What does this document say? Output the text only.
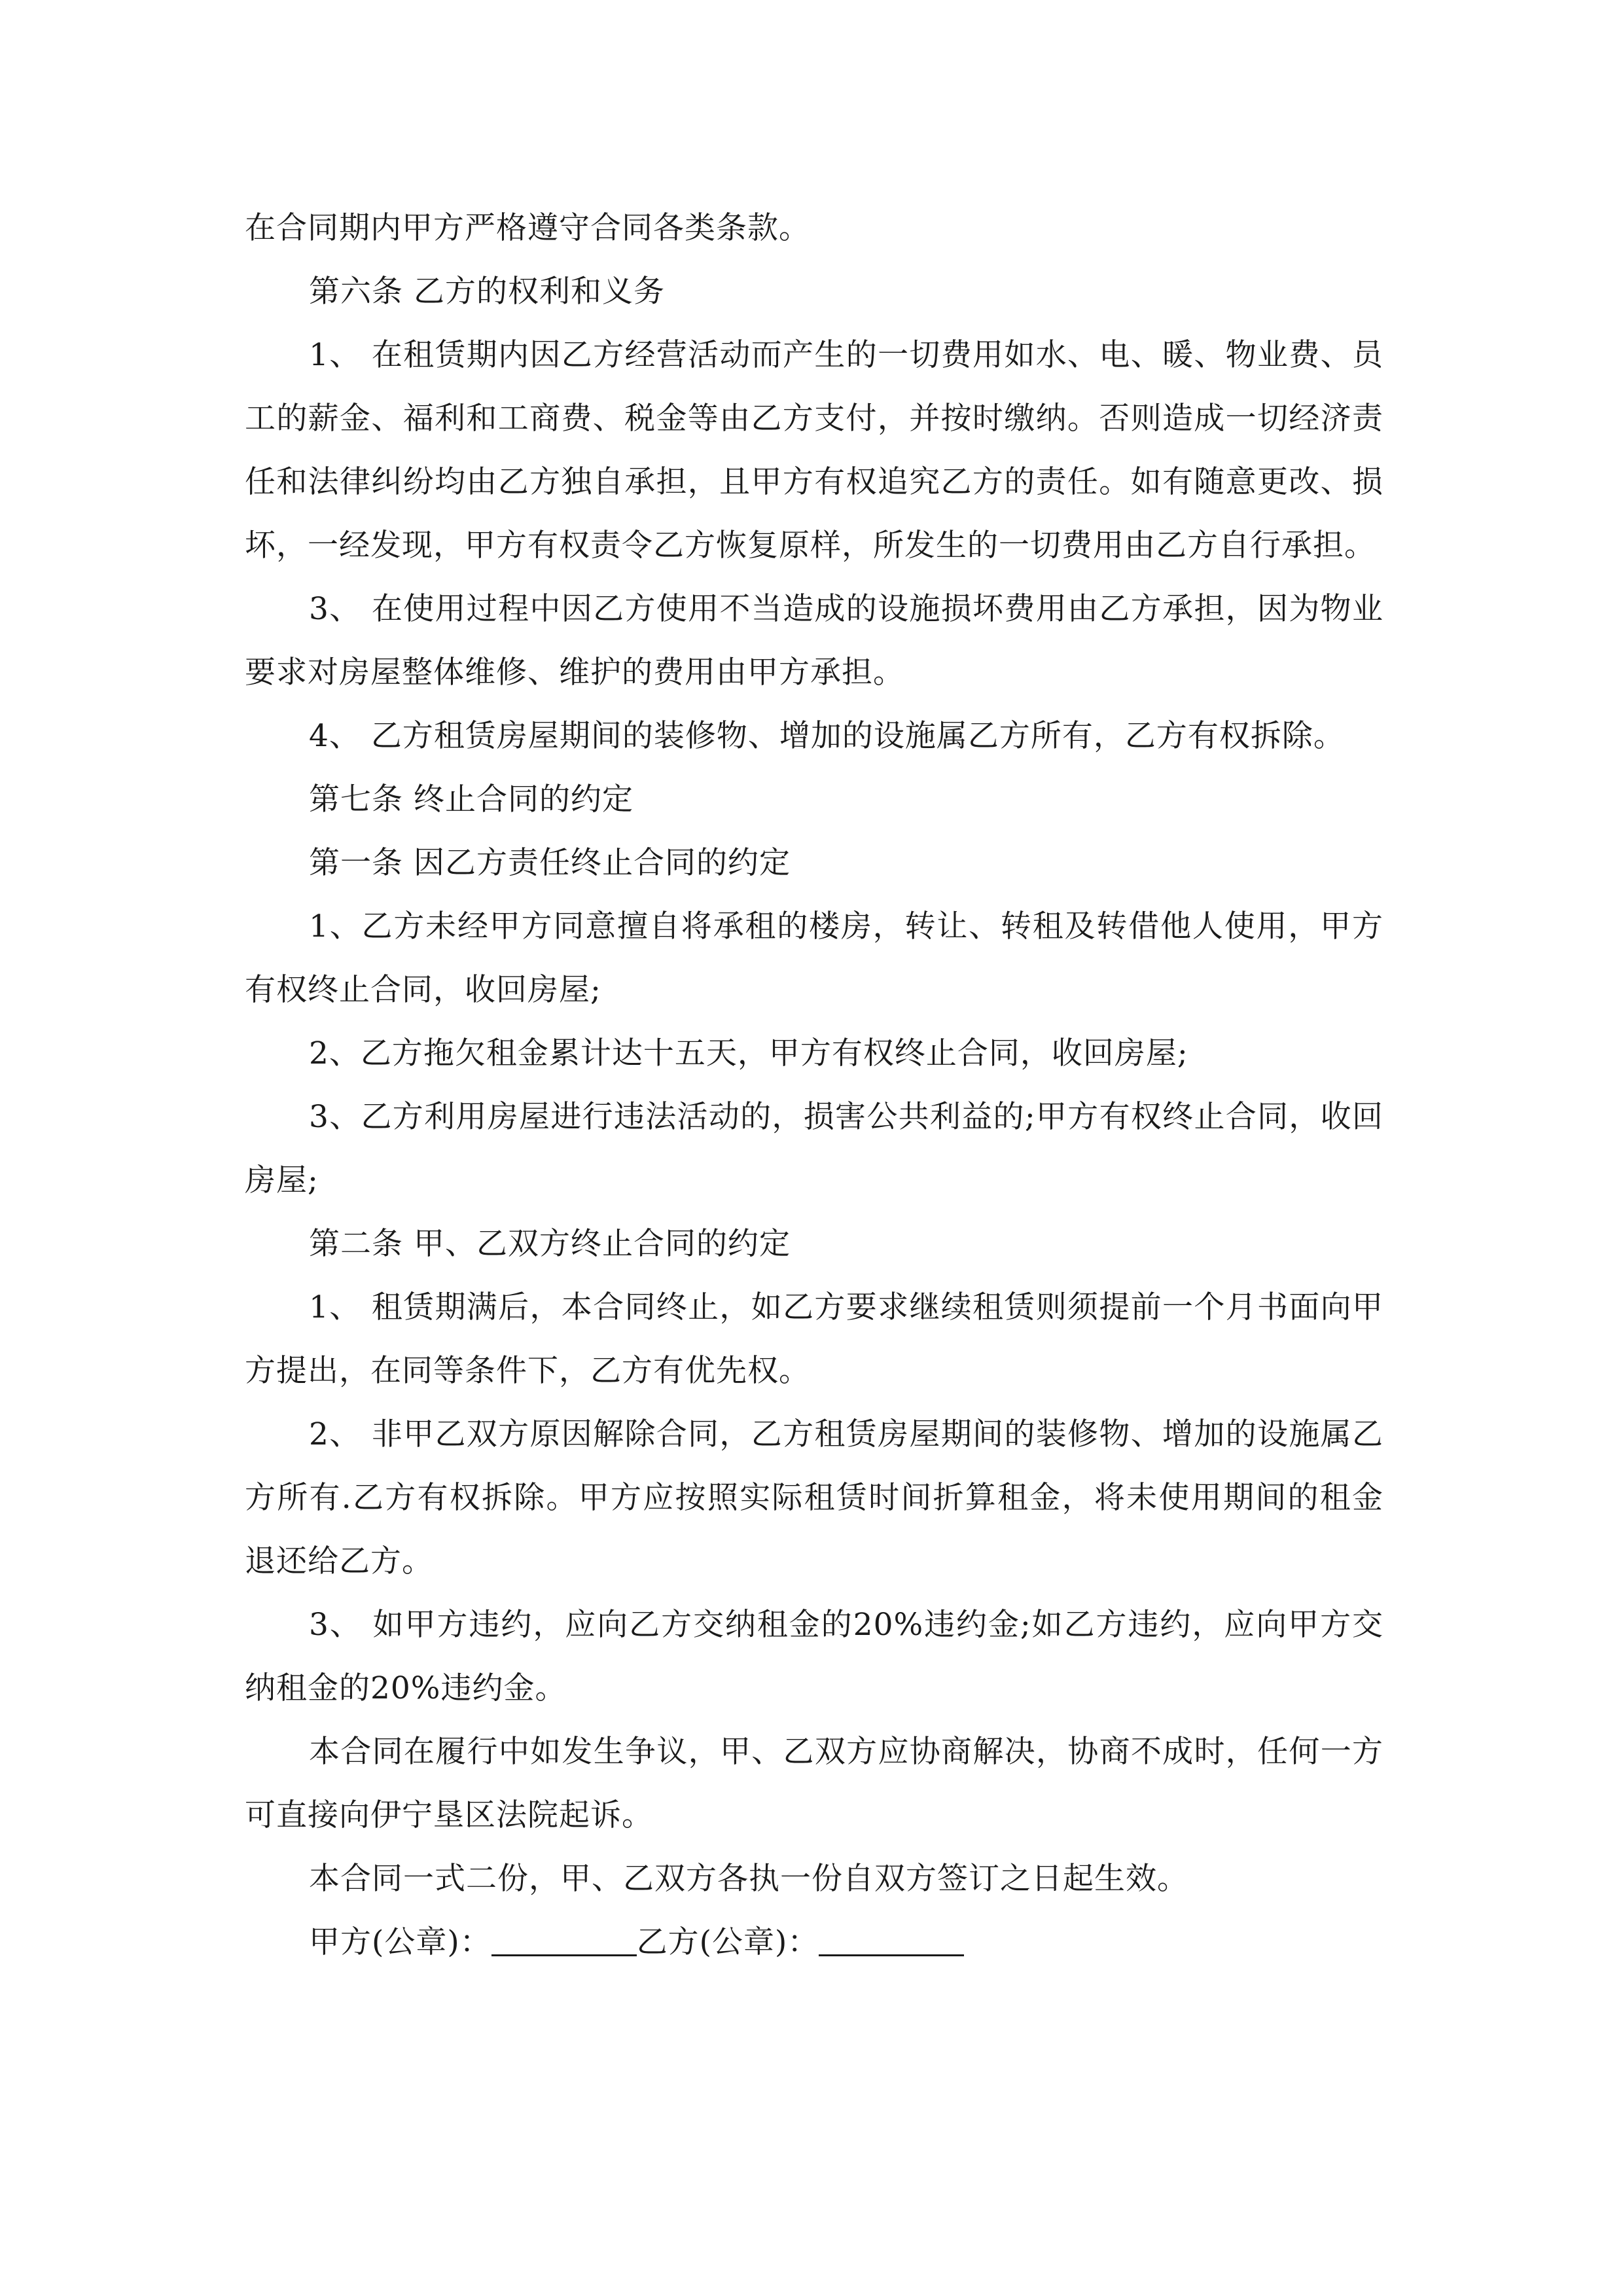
在合同期内甲方严格遵守合同各类条款。

第六条 乙方的权利和义务

1、 在租赁期内因乙方经营活动而产生的一切费用如水、电、暖、物业费、员工的薪金、福利和工商费、税金等由乙方支付，并按时缴纳。否则造成一切经济责任和法律纠纷均由乙方独自承担，且甲方有权追究乙方的责任。如有随意更改、损坏，一经发现，甲方有权责令乙方恢复原样，所发生的一切费用由乙方自行承担。

3、 在使用过程中因乙方使用不当造成的设施损坏费用由乙方承担，因为物业要求对房屋整体维修、维护的费用由甲方承担。

4、 乙方租赁房屋期间的装修物、增加的设施属乙方所有，乙方有权拆除。

第七条 终止合同的约定

第一条 因乙方责任终止合同的约定

1、乙方未经甲方同意擅自将承租的楼房，转让、转租及转借他人使用，甲方有权终止合同，收回房屋;

2、乙方拖欠租金累计达十五天，甲方有权终止合同，收回房屋;

3、乙方利用房屋进行违法活动的，损害公共利益的;甲方有权终止合同，收回房屋;

第二条 甲、乙双方终止合同的约定

1、 租赁期满后，本合同终止，如乙方要求继续租赁则须提前一个月书面向甲方提出，在同等条件下，乙方有优先权。

2、 非甲乙双方原因解除合同，乙方租赁房屋期间的装修物、增加的设施属乙方所有.乙方有权拆除。甲方应按照实际租赁时间折算租金，将未使用期间的租金退还给乙方。

3、 如甲方违约，应向乙方交纳租金的20%违约金;如乙方违约，应向甲方交纳租金的20%违约金。

本合同在履行中如发生争议，甲、乙双方应协商解决，协商不成时，任何一方可直接向伊宁垦区法院起诉。

本合同一式二份，甲、乙双方各执一份自双方签订之日起生效。

甲方(公章)：	乙方(公章)：
